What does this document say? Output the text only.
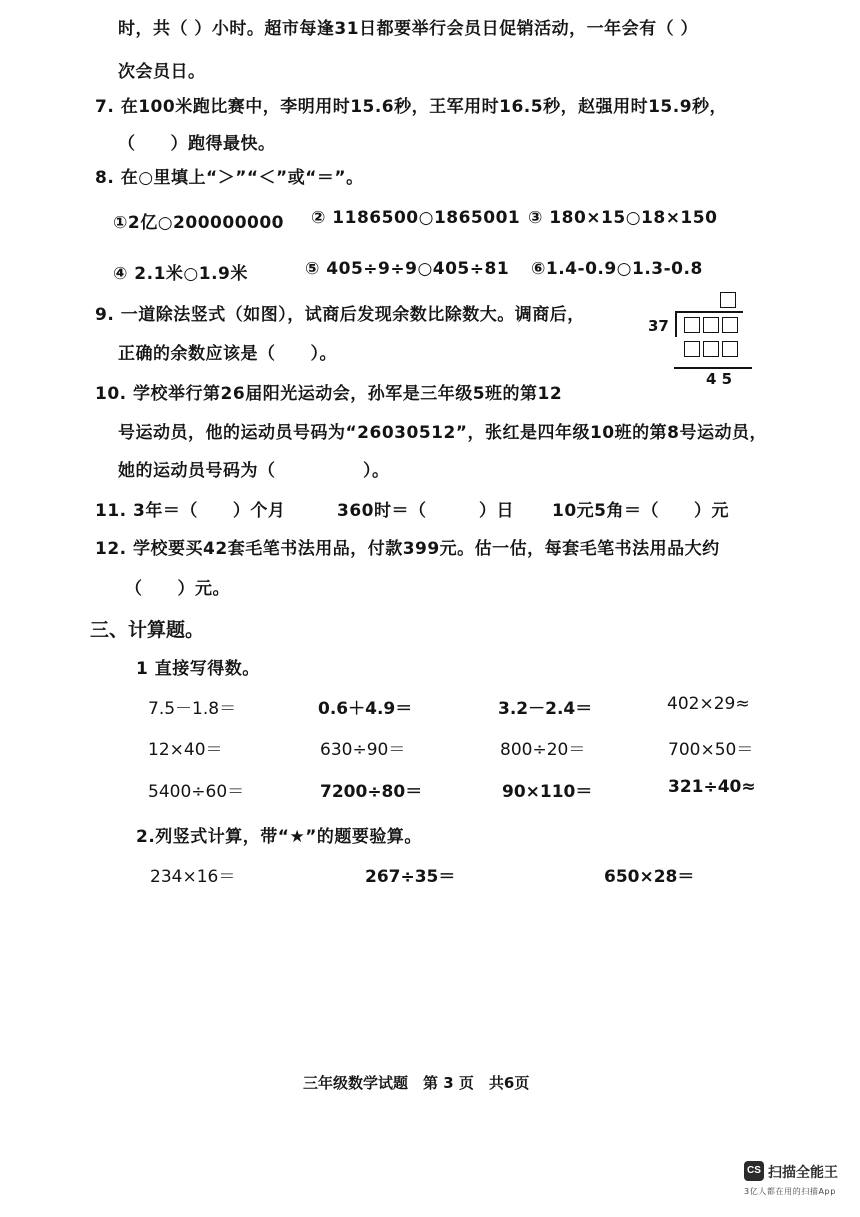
时，共（ ）小时。超市每逢31日都要举行会员日促销活动，一年会有（ ）
次会员日。
7. 在100米跑比赛中，李明用时15.6秒，王军用时16.5秒，赵强用时15.9秒，
（　　）跑得最快。
8. 在○里填上“＞”“＜”或“＝”。
①2亿○200000000 ② 1186500○1865001 ③ 180×15○18×150
④ 2.1米○1.9米	⑤ 405÷9÷9○405÷81 ⑥1.4-0.9○1.3-0.8
9. 一道除法竖式（如图），试商后发现余数比除数大。调商后，
正确的余数应该是（　　）。
37
4 5
10. 学校举行第26届阳光运动会，孙军是三年级5班的第12
号运动员，他的运动员号码为“26030512”，张红是四年级10班的第8号运动员，
她的运动员号码为（　　　　　）。
11. 3年＝（　　）个月	360时＝（　　　）日 10元5角＝（　　）元
12. 学校要买42套毛笔书法用品，付款399元。估一估，每套毛笔书法用品大约
（　　）元。
三、计算题。
1 直接写得数。
7.5－1.8＝	0.6＋4.9＝	3.2－2.4＝	402×29≈
12×40＝	630÷90＝	800÷20＝	700×50＝
5400÷60＝	7200÷80＝	90×110＝	321÷40≈
2.列竖式计算，带“★”的题要验算。
234×16＝	267÷35＝	650×28＝
三年级数学试题　第 3 页　共6页
CS 扫描全能王
3亿人都在用的扫描App
